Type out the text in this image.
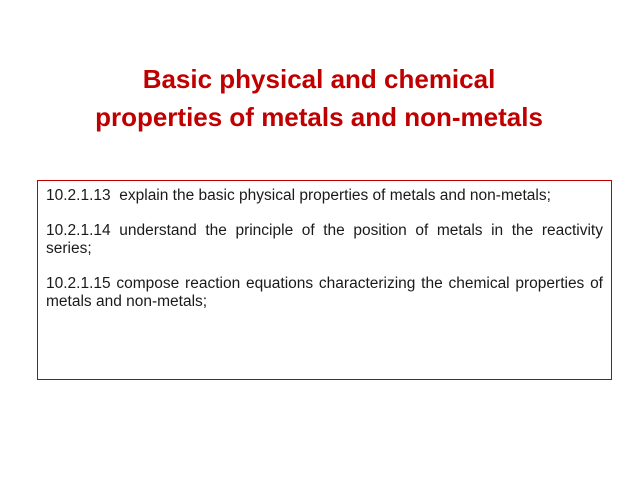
Basic physical and chemical
properties of metals and non-metals

10.2.1.13  explain the basic physical properties of metals and non-metals;

10.2.1.14 understand the principle of the position of metals in the reactivity series;

10.2.1.15 compose reaction equations characterizing the chemical properties of metals and non-metals;
